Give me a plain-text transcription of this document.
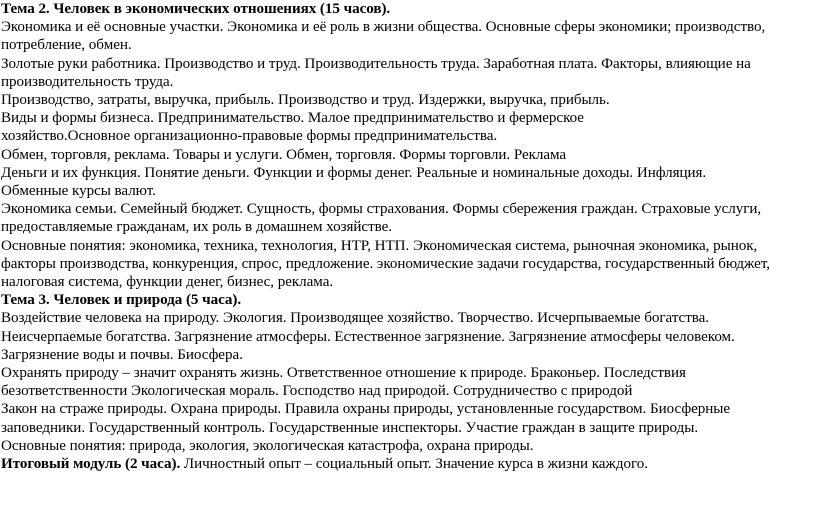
Тема 2. Человек в экономических отношениях (15 часов).
Экономика и её основные участки. Экономика и её роль в жизни общества. Основные сферы экономики; производство,
потребление, обмен.
Золотые руки работника. Производство и труд. Производительность труда. Заработная плата. Факторы, влияющие на
производительность труда.
Производство, затраты, выручка, прибыль. Производство и труд. Издержки, выручка, прибыль.
Виды и формы бизнеса. Предпринимательство. Малое предпринимательство и фермерское
хозяйство.Основное организационно-правовые формы предпринимательства.
Обмен, торговля, реклама. Товары и услуги. Обмен, торговля. Формы торговли. Реклама
Деньги и их функция. Понятие деньги. Функции и формы денег. Реальные и номинальные доходы. Инфляция.
Обменные курсы валют.
Экономика семьи. Семейный бюджет. Сущность, формы страхования. Формы сбережения граждан. Страховые услуги,
предоставляемые гражданам, их роль в домашнем хозяйстве.
Основные понятия: экономика, техника, технология, НТР, НТП. Экономическая система, рыночная экономика, рынок,
факторы производства, конкуренция, спрос, предложение. экономические задачи государства, государственный бюджет,
налоговая система, функции денег, бизнес, реклама.
Тема 3. Человек и природа (5 часа).
Воздействие человека на природу. Экология. Производящее хозяйство. Творчество. Исчерпываемые богатства.
Неисчерпаемые богатства. Загрязнение атмосферы. Естественное загрязнение. Загрязнение атмосферы человеком.
Загрязнение воды и почвы. Биосфера.
Охранять природу – значит охранять жизнь. Ответственное отношение к природе. Браконьер. Последствия
безответственности Экологическая мораль. Господство над природой. Сотрудничество с природой
Закон на страже природы. Охрана природы. Правила охраны природы, установленные государством. Биосферные
заповедники. Государственный контроль. Государственные инспекторы. Участие граждан в защите природы.
Основные понятия: природа, экология, экологическая катастрофа, охрана природы.
Итоговый модуль (2 часа). Личностный опыт – социальный опыт. Значение курса в жизни каждого.
